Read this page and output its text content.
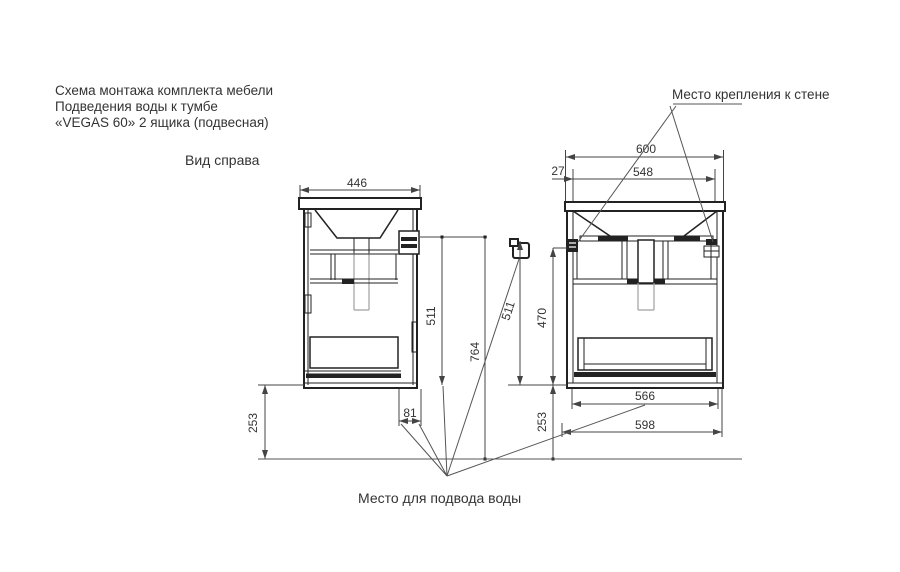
Схема монтажа комплекта мебели
Подведения воды к тумбе
«VEGAS 60» 2 ящика (подвесная)
Вид справа
446
511
764
253	81
600
548
27
511 470
253
566
598
Место крепления к стене
Место для подвода воды
